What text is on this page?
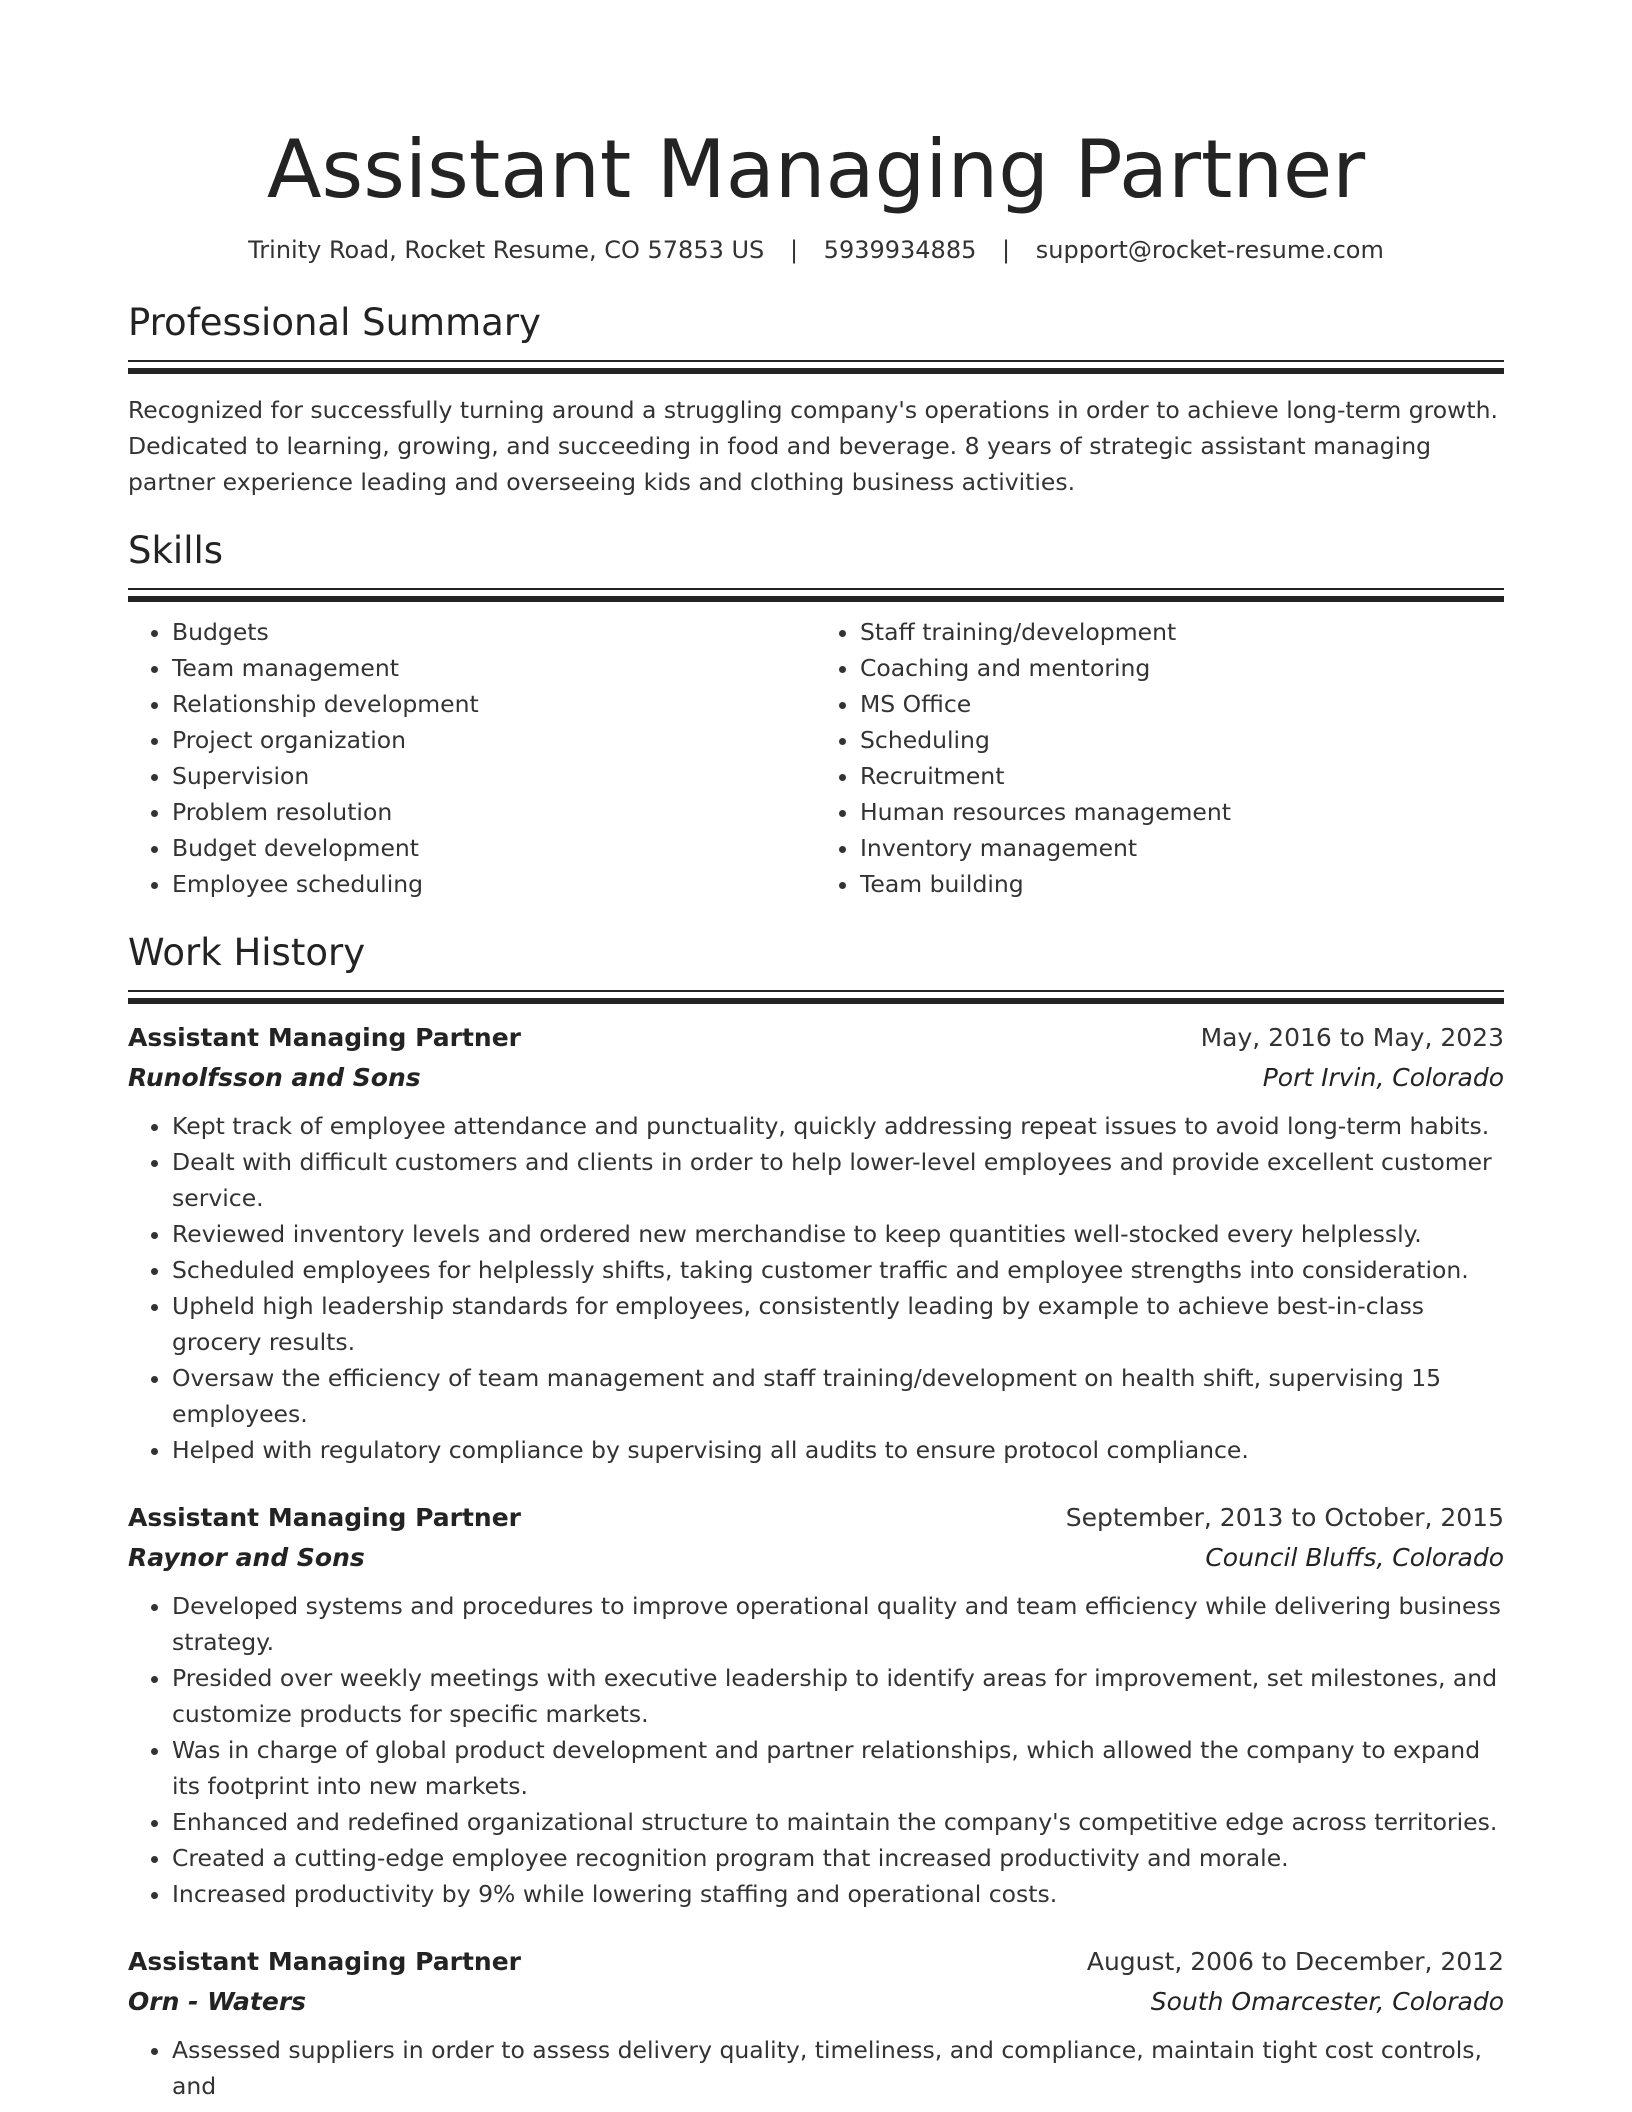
Assistant Managing Partner
Trinity Road, Rocket Resume, CO 57853 US | 5939934885 | support@rocket-resume.com
Professional Summary
Recognized for successfully turning around a struggling company's operations in order to achieve long-term growth. Dedicated to learning, growing, and succeeding in food and beverage. 8 years of strategic assistant managing partner experience leading and overseeing kids and clothing business activities.
Skills
• Budgets
• Team management
• Relationship development
• Project organization
• Supervision
• Problem resolution
• Budget development
• Employee scheduling
• Staff training/development
• Coaching and mentoring
• MS Office
• Scheduling
• Recruitment
• Human resources management
• Inventory management
• Team building
Work History
Assistant Managing Partner	May, 2016 to May, 2023
Runolfsson and Sons	Port Irvin, Colorado
• Kept track of employee attendance and punctuality, quickly addressing repeat issues to avoid long-term habits.
• Dealt with difficult customers and clients in order to help lower-level employees and provide excellent customer service.
• Reviewed inventory levels and ordered new merchandise to keep quantities well-stocked every helplessly.
• Scheduled employees for helplessly shifts, taking customer traffic and employee strengths into consideration.
• Upheld high leadership standards for employees, consistently leading by example to achieve best-in-class grocery results.
• Oversaw the efficiency of team management and staff training/development on health shift, supervising 15 employees.
• Helped with regulatory compliance by supervising all audits to ensure protocol compliance.
Assistant Managing Partner	September, 2013 to October, 2015
Raynor and Sons	Council Bluffs, Colorado
• Developed systems and procedures to improve operational quality and team efficiency while delivering business strategy.
• Presided over weekly meetings with executive leadership to identify areas for improvement, set milestones, and customize products for specific markets.
• Was in charge of global product development and partner relationships, which allowed the company to expand its footprint into new markets.
• Enhanced and redefined organizational structure to maintain the company's competitive edge across territories.
• Created a cutting-edge employee recognition program that increased productivity and morale.
• Increased productivity by 9% while lowering staffing and operational costs.
Assistant Managing Partner	August, 2006 to December, 2012
Orn - Waters	South Omarcester, Colorado
• Assessed suppliers in order to assess delivery quality, timeliness, and compliance, maintain tight cost controls, and
